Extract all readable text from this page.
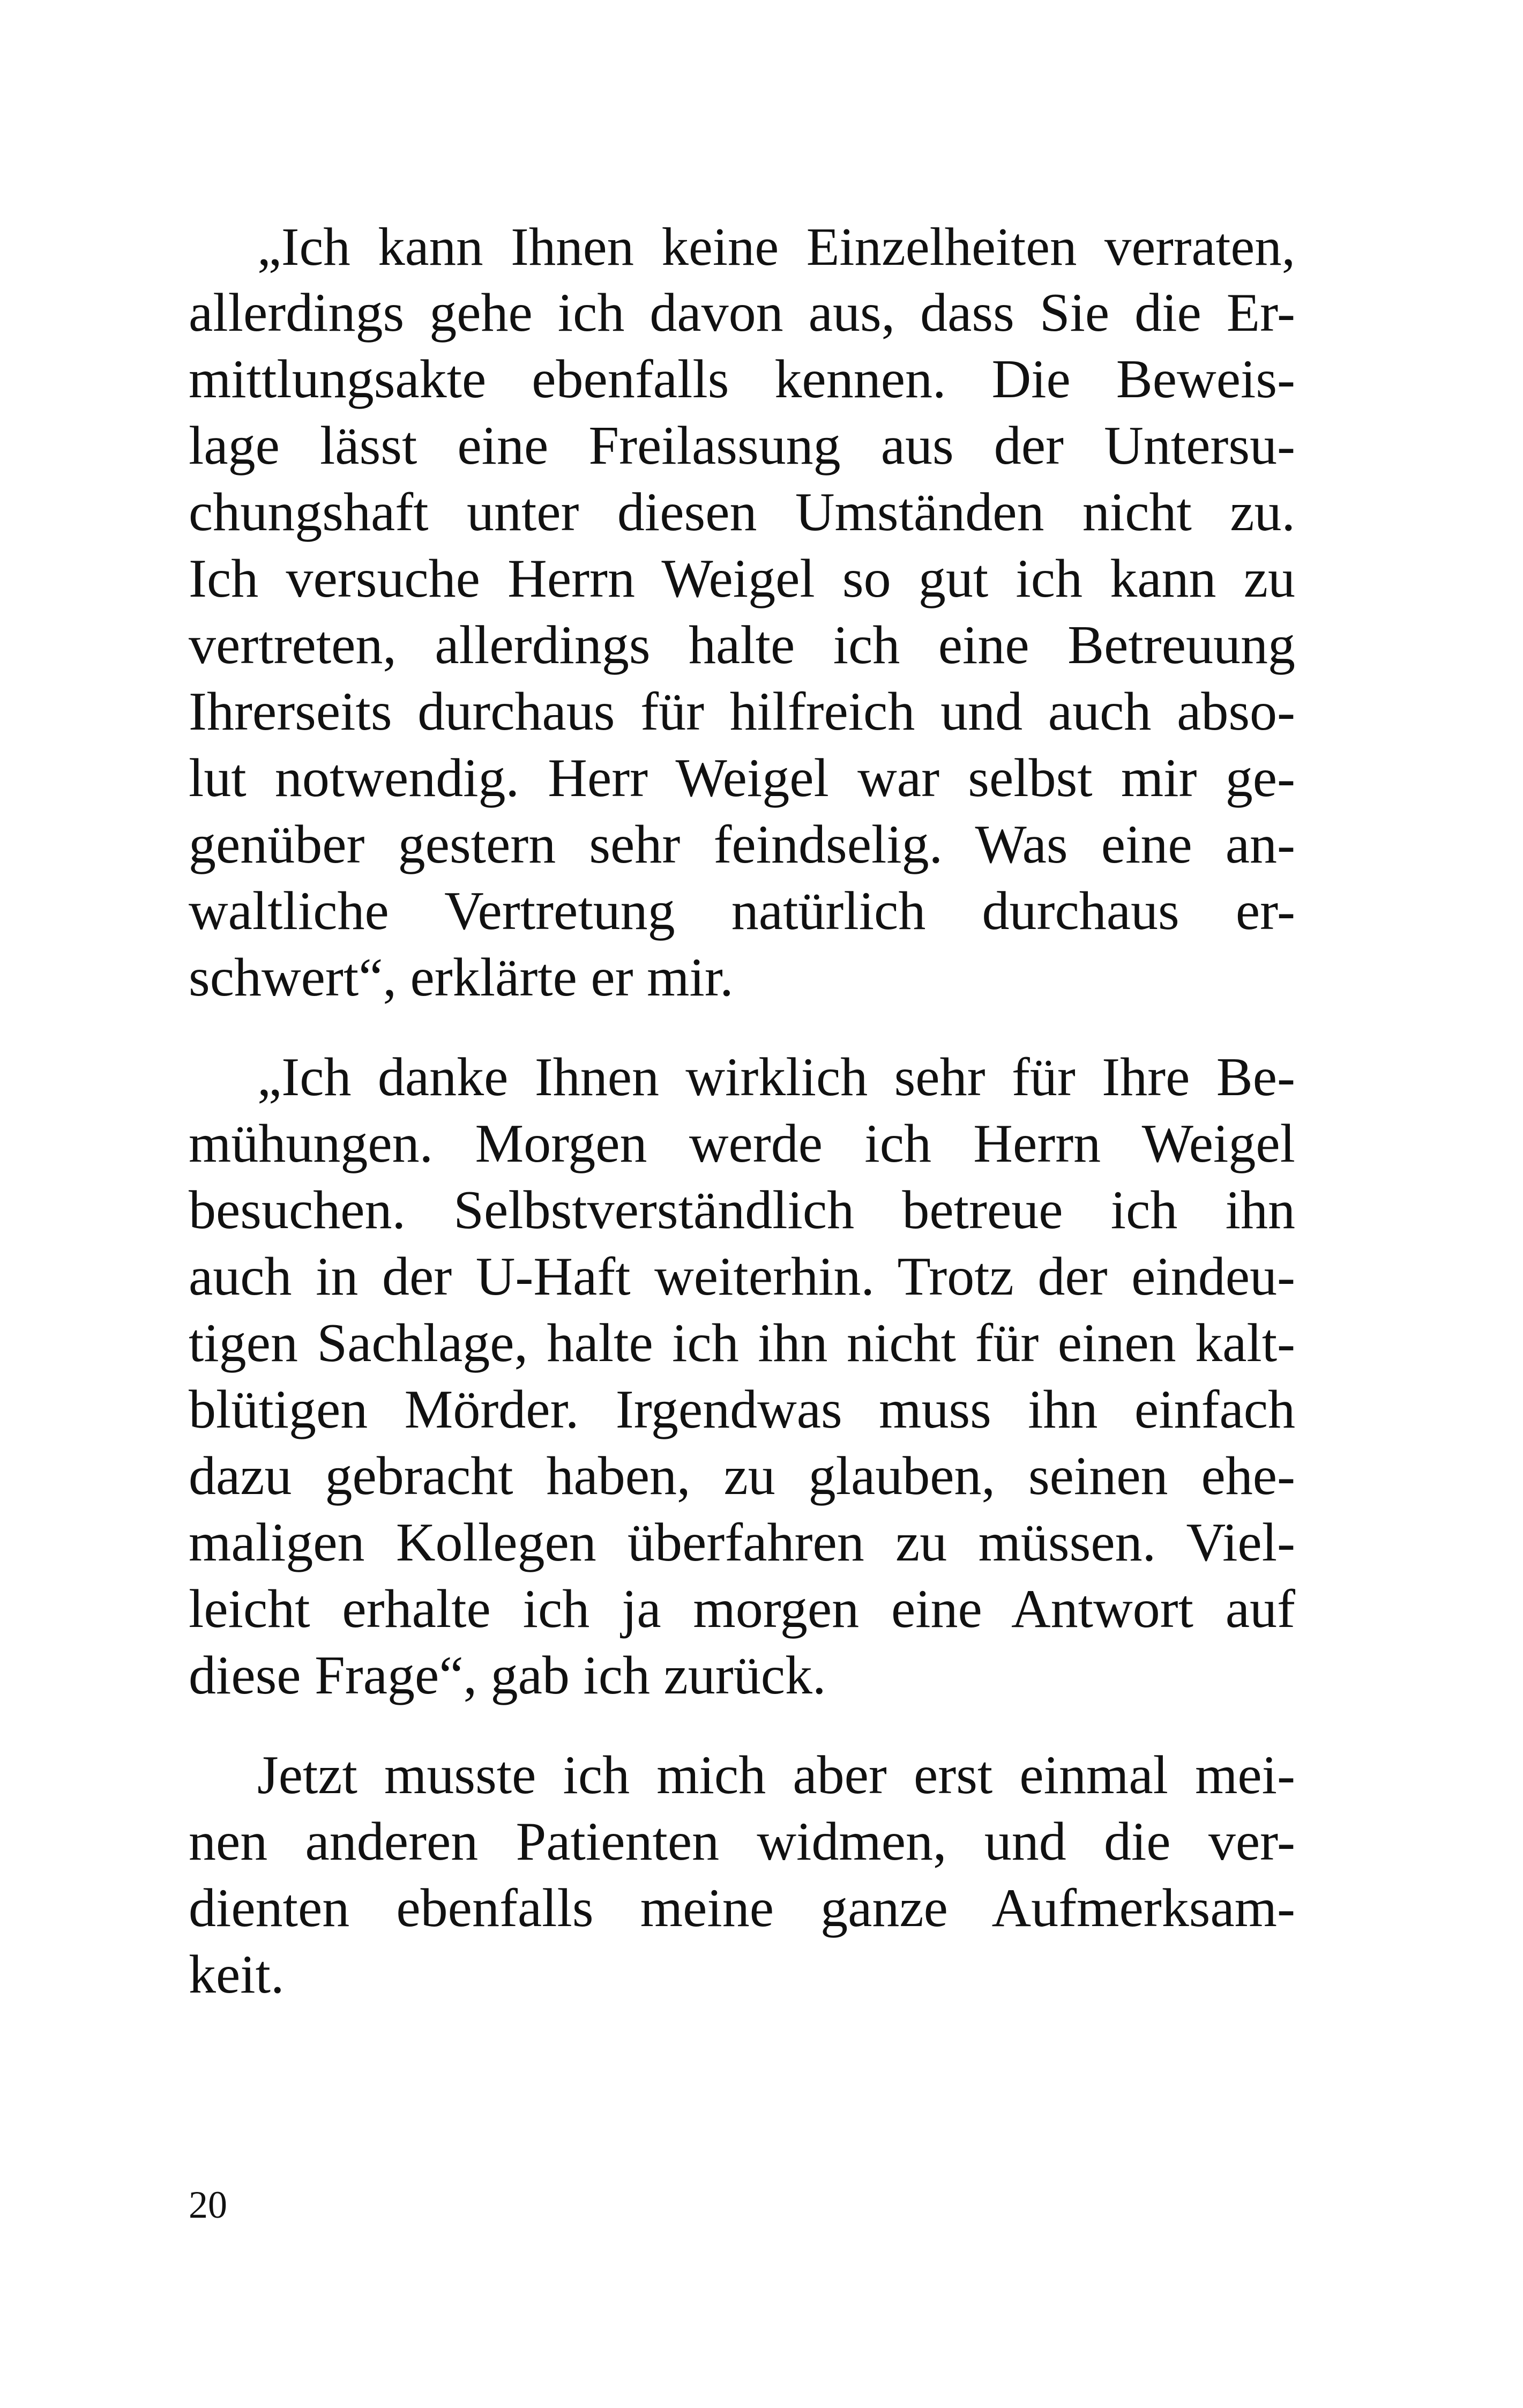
„Ich kann Ihnen keine Einzelheiten verraten,
allerdings gehe ich davon aus, dass Sie die Er-
mittlungsakte ebenfalls kennen. Die Beweis-
lage lässt eine Freilassung aus der Untersu-
chungshaft unter diesen Umständen nicht zu.
Ich versuche Herrn Weigel so gut ich kann zu
vertreten, allerdings halte ich eine Betreuung
Ihrerseits durchaus für hilfreich und auch abso-
lut notwendig. Herr Weigel war selbst mir ge-
genüber gestern sehr feindselig. Was eine an-
waltliche Vertretung natürlich durchaus er-
schwert“, erklärte er mir.
„Ich danke Ihnen wirklich sehr für Ihre Be-
mühungen. Morgen werde ich Herrn Weigel
besuchen. Selbstverständlich betreue ich ihn
auch in der U-Haft weiterhin. Trotz der eindeu-
tigen Sachlage, halte ich ihn nicht für einen kalt-
blütigen Mörder. Irgendwas muss ihn einfach
dazu gebracht haben, zu glauben, seinen ehe-
maligen Kollegen überfahren zu müssen. Viel-
leicht erhalte ich ja morgen eine Antwort auf
diese Frage“, gab ich zurück.
Jetzt musste ich mich aber erst einmal mei-
nen anderen Patienten widmen, und die ver-
dienten ebenfalls meine ganze Aufmerksam-
keit.
20
